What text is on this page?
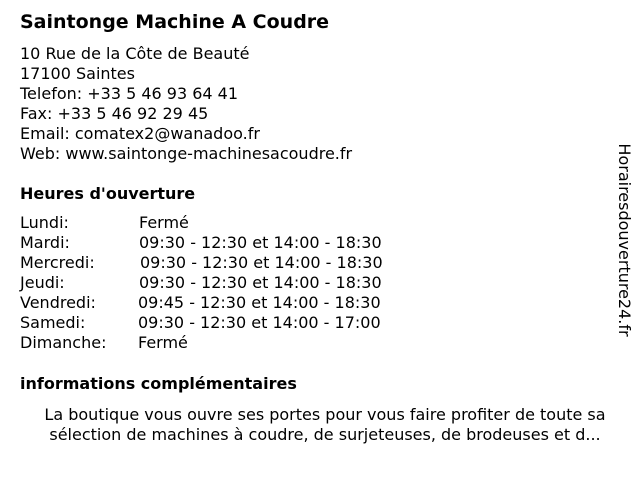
Saintonge Machine A Coudre
10 Rue de la Côte de Beauté
17100 Saintes
Telefon: +33 5 46 93 64 41
Fax: +33 5 46 92 29 45
Email: comatex2@wanadoo.fr
Web: www.saintonge-machinesacoudre.fr
Heures d'ouverture
Lundi:	Fermé
Mardi:	09:30 - 12:30 et 14:00 - 18:30
Mercredi:	09:30 - 12:30 et 14:00 - 18:30
Jeudi:	09:30 - 12:30 et 14:00 - 18:30
Vendredi:	09:45 - 12:30 et 14:00 - 18:30
Samedi:	09:30 - 12:30 et 14:00 - 17:00
Dimanche: Fermé
informations complémentaires
La boutique vous ouvre ses portes pour vous faire profiter de toute sa
sélection de machines à coudre, de surjeteuses, de brodeuses et d...
Horairesdouverture24.fr
